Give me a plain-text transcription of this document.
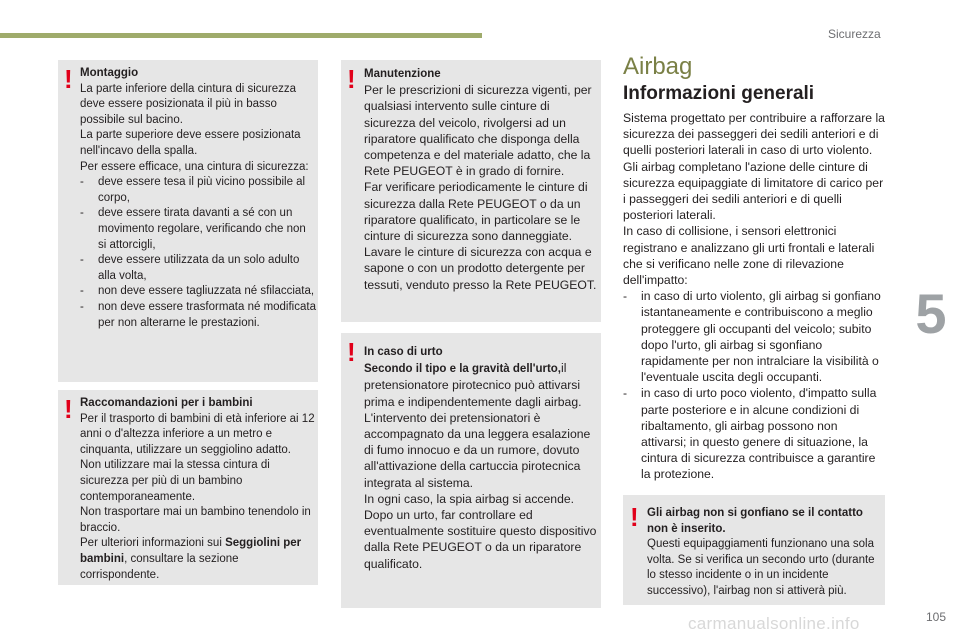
Sicurezza
5
! Montaggio

La parte inferiore della cintura di sicurezza deve essere posizionata il più in basso possibile sul bacino.

La parte superiore deve essere posizionata nell'incavo della spalla.

Per essere efficace, una cintura di sicurezza:

- deve essere tesa il più vicino possibile al corpo,
- deve essere tirata davanti a sé con un movimento regolare, verificando che non si attorcigli,
- deve essere utilizzata da un solo adulto alla volta,
- non deve essere tagliuzzata né sfilacciata,
- non deve essere trasformata né modificata per non alterarne le prestazioni.
! Raccomandazioni per i bambini

Per il trasporto di bambini di età inferiore ai 12 anni o d'altezza inferiore a un metro e cinquanta, utilizzare un seggiolino adatto.

Non utilizzare mai la stessa cintura di sicurezza per più di un bambino contemporaneamente.

Non trasportare mai un bambino tenendolo in braccio.

Per ulteriori informazioni sui Seggiolini per bambini, consultare la sezione corrispondente.

! Manutenzione

Per le prescrizioni di sicurezza vigenti, per qualsiasi intervento sulle cinture di sicurezza del veicolo, rivolgersi ad un riparatore qualificato che disponga della competenza e del materiale adatto, che la Rete PEUGEOT è in grado di fornire.

Far verificare periodicamente le cinture di sicurezza dalla Rete PEUGEOT o da un riparatore qualificato, in particolare se le cinture di sicurezza sono danneggiate.

Lavare le cinture di sicurezza con acqua e sapone o con un prodotto detergente per tessuti, venduto presso la Rete PEUGEOT.

! In caso di urto

Secondo il tipo e la gravità dell'urto,il pretensionatore pirotecnico può attivarsi prima e indipendentemente dagli airbag. L'intervento dei pretensionatori è accompagnato da una leggera esalazione di fumo innocuo e da un rumore, dovuto all'attivazione della cartuccia pirotecnica integrata al sistema.

In ogni caso, la spia airbag si accende.

Dopo un urto, far controllare ed eventualmente sostituire questo dispositivo dalla Rete PEUGEOT o da un riparatore qualificato.

Airbag
Informazioni generali

Sistema progettato per contribuire a rafforzare la sicurezza dei passeggeri dei sedili anteriori e di quelli posteriori laterali in caso di urto violento. Gli airbag completano l'azione delle cinture di sicurezza equipaggiate di limitatore di carico per i passeggeri dei sedili anteriori e di quelli posteriori laterali.

In caso di collisione, i sensori elettronici registrano e analizzano gli urti frontali e laterali che si verificano nelle zone di rilevazione dell'impatto:

- in caso di urto violento, gli airbag si gonfiano istantaneamente e contribuiscono a meglio proteggere gli occupanti del veicolo; subito dopo l'urto, gli airbag si sgonfiano rapidamente per non intralciare la visibilità o l'eventuale uscita degli occupanti.
- in caso di urto poco violento, d'impatto sulla parte posteriore e in alcune condizioni di ribaltamento, gli airbag possono non attivarsi; in questo genere di situazione, la cintura di sicurezza contribuisce a garantire la protezione.
! Gli airbag non si gonfiano se il contatto non è inserito.

Questi equipaggiamenti funzionano una sola volta. Se si verifica un secondo urto (durante lo stesso incidente o in un incidente successivo), l'airbag non si attiverà più.

carmanualsonline.info	105
